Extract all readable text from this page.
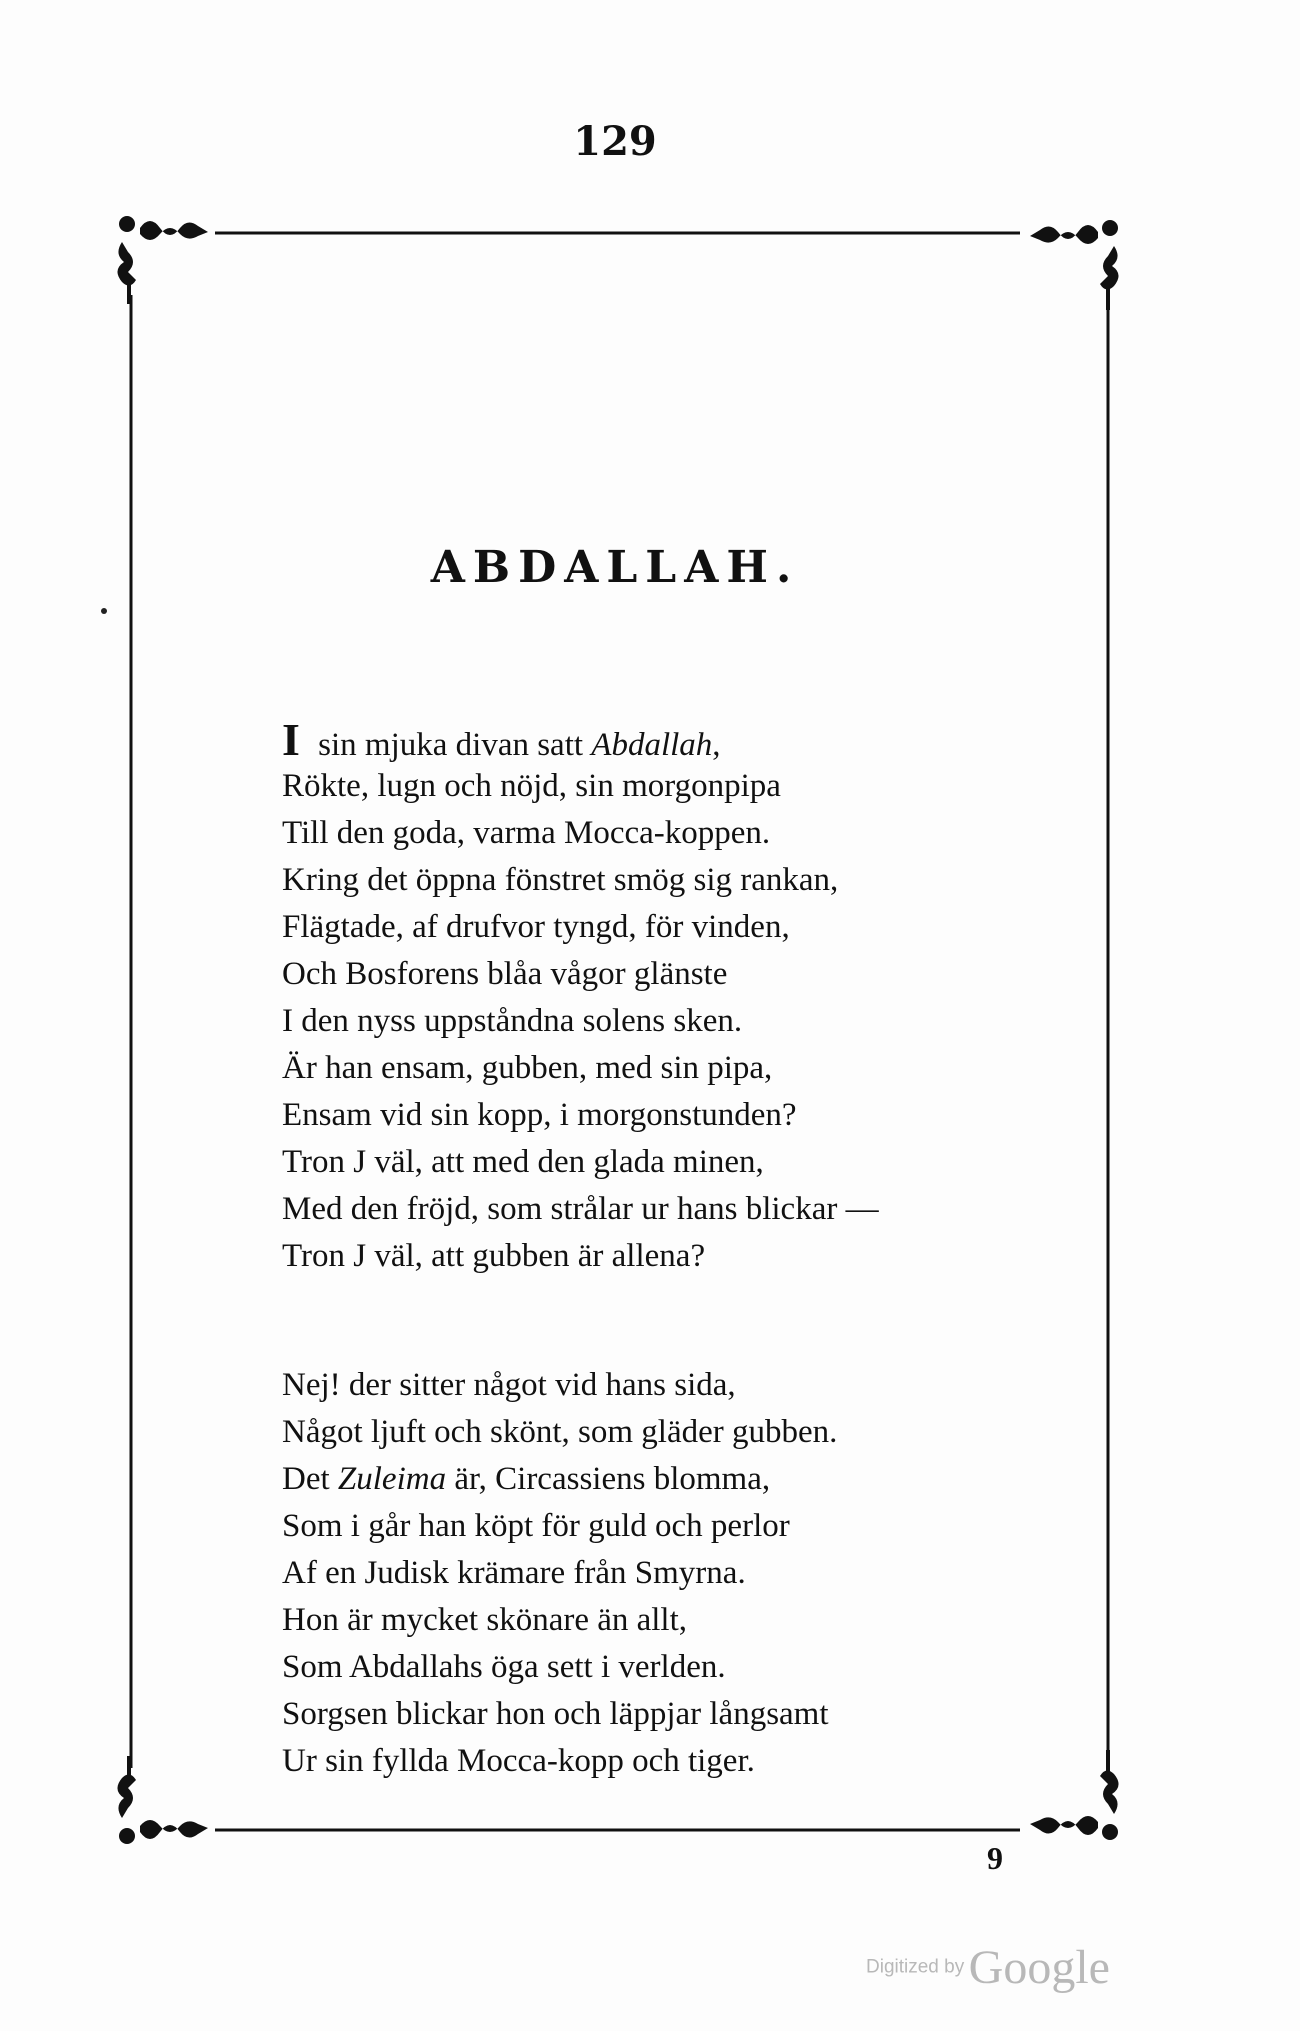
129
ABDALLAH.
I sin mjuka divan satt Abdallah,
Rökte, lugn och nöjd, sin morgonpipa
Till den goda, varma Mocca-koppen.
Kring det öppna fönstret smög sig rankan,
Flägtade, af drufvor tyngd, för vinden,
Och Bosforens blåa vågor glänste
I den nyss uppståndna solens sken.
Är han ensam, gubben, med sin pipa,
Ensam vid sin kopp, i morgonstunden?
Tron J väl, att med den glada minen,
Med den fröjd, som strålar ur hans blickar —
Tron J väl, att gubben är allena?
Nej! der sitter något vid hans sida,
Något ljuft och skönt, som gläder gubben.
Det Zuleima är, Circassiens blomma,
Som i går han köpt för guld och perlor
Af en Judisk krämare från Smyrna.
Hon är mycket skönare än allt,
Som Abdallahs öga sett i verlden.
Sorgsen blickar hon och läppjar långsamt
Ur sin fyllda Mocca-kopp och tiger.
9
Digitized by Google
